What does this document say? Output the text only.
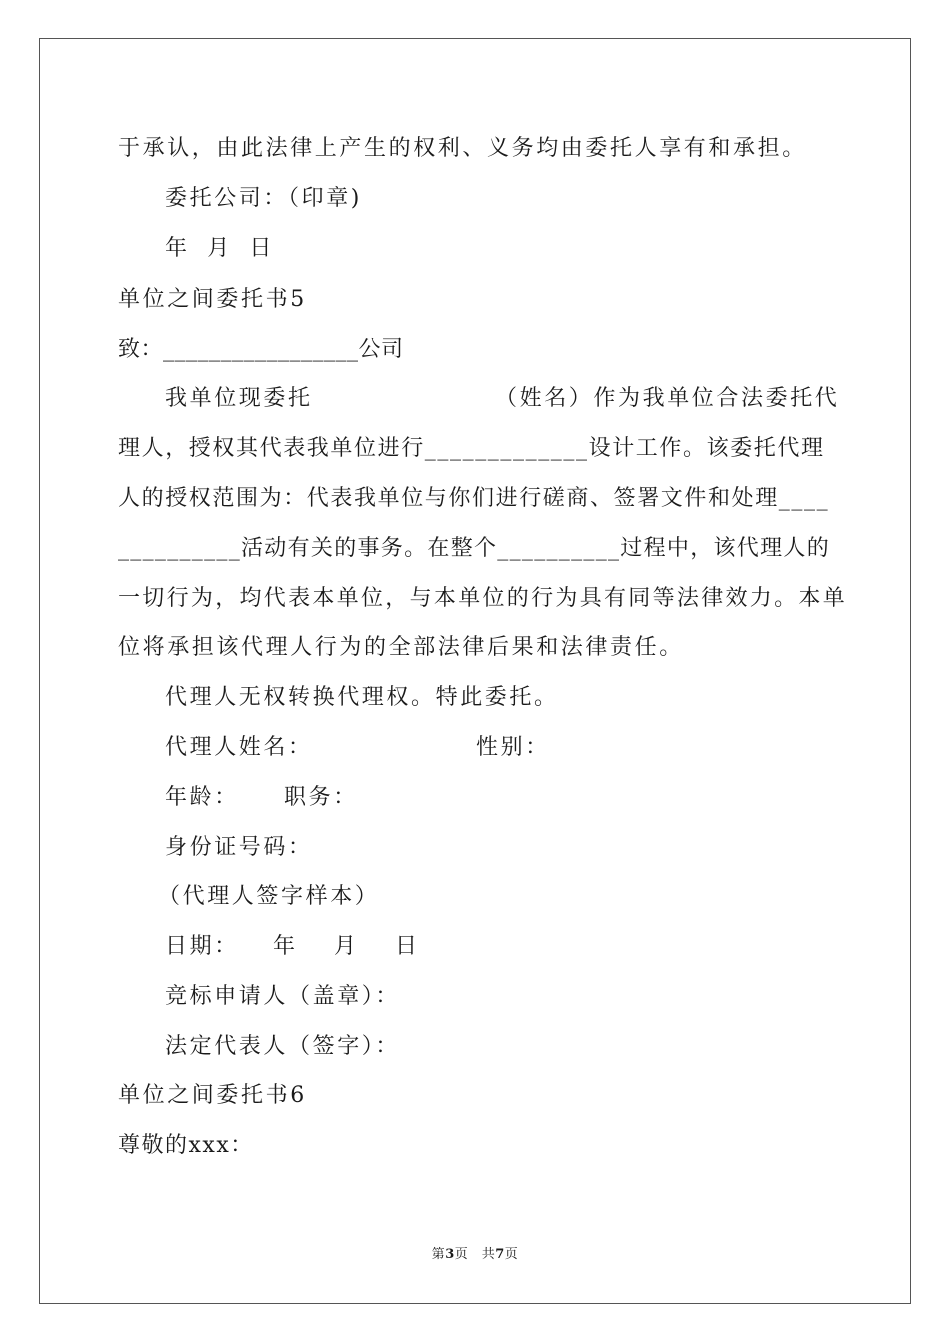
于承认，由此法律上产生的权利、义务均由委托人享有和承担。
委托公司：（印章)
年 月 日
单位之间委托书5
致：_________________公司
我单位现委托	（姓名）作为我单位合法委托代
理人，授权其代表我单位进行_____________设计工作。该委托代理
人的授权范围为：代表我单位与你们进行磋商、签署文件和处理____
__________活动有关的事务。在整个__________过程中，该代理人的
一切行为，均代表本单位，与本单位的行为具有同等法律效力。本单
位将承担该代理人行为的全部法律后果和法律责任。
代理人无权转换代理权。特此委托。
代理人姓名：	性别：
年龄： 职务：
身份证号码：
（代理人签字样本）
日期： 年 月 日
竞标申请人（盖章）：
法定代表人（签字）：
单位之间委托书6
尊敬的xxx：
第3页　共7页
